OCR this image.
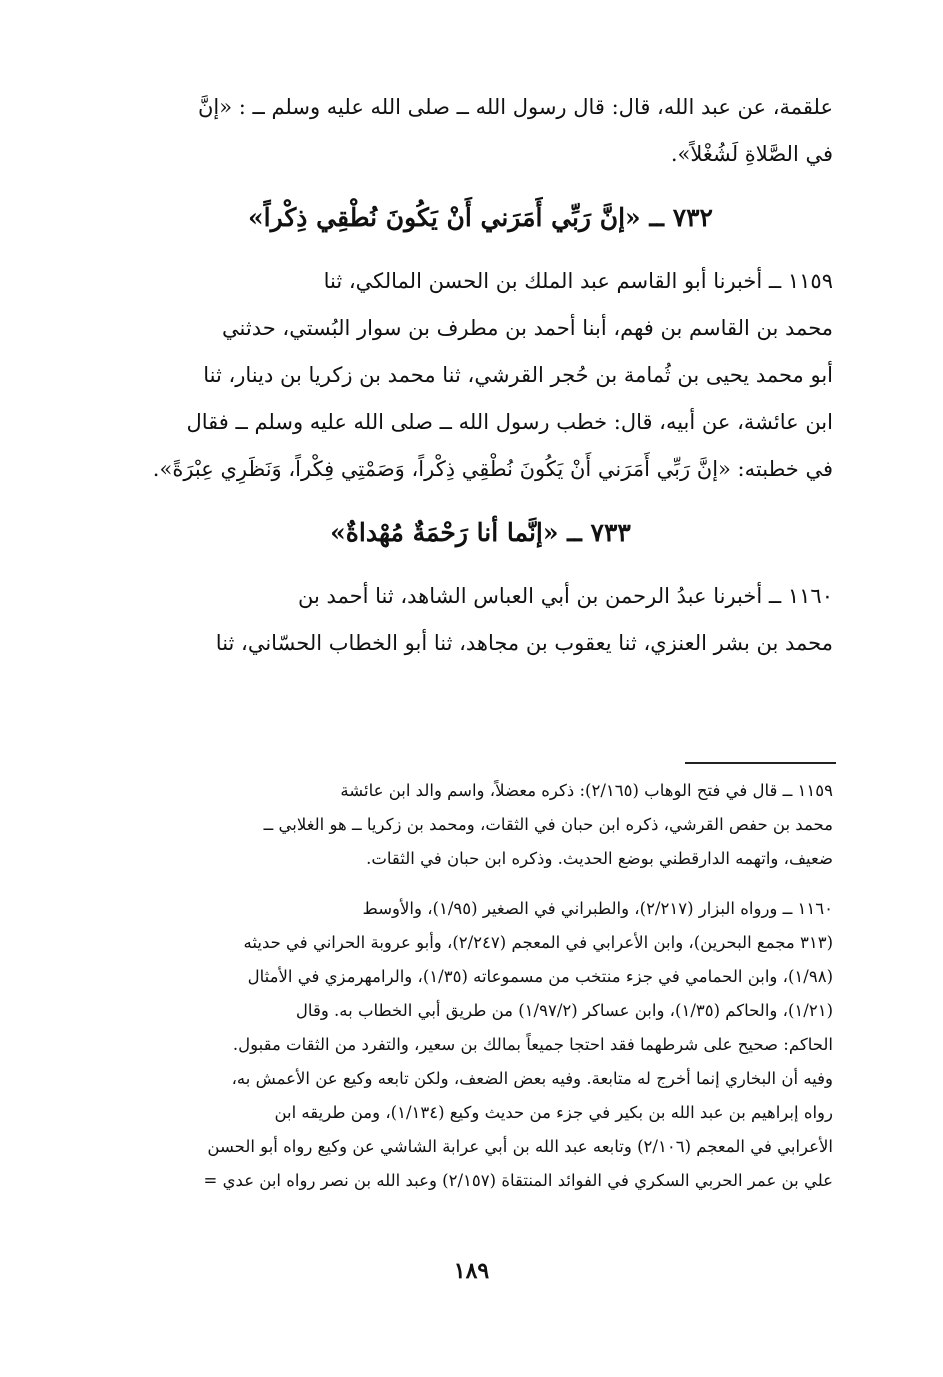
علقمة، عن عبد الله، قال: قال رسول الله ــ صلى الله عليه وسلم ــ : «إنَّ
في الصَّلاةِ لَشُغْلاً».
٧٣٢ ــ «إنَّ رَبِّي أَمَرَني أَنْ يَكُونَ نُطْقِي ذِكْراً»
١١٥٩ ــ أخبرنا أبو القاسم عبد الملك بن الحسن المالكي، ثنا
محمد بن القاسم بن فهم، أبنا أحمد بن مطرف بن سوار البُستي، حدثني
أبو محمد يحيى بن ثُمامة بن حُجر القرشي، ثنا محمد بن زكريا بن دينار، ثنا
ابن عائشة، عن أبيه، قال: خطب رسول الله ــ صلى الله عليه وسلم ــ فقال
في خطبته: «إنَّ رَبِّي أَمَرَني أَنْ يَكُونَ نُطْقِي ذِكْراً، وَصَمْتِي فِكْراً، وَنَظَرِي عِبْرَةً».
٧٣٣ ــ «إنَّما أنا رَحْمَةٌ مُهْداةٌ»
١١٦٠ ــ أخبرنا عبدُ الرحمن بن أبي العباس الشاهد، ثنا أحمد بن
محمد بن بشر العنزي، ثنا يعقوب بن مجاهد، ثنا أبو الخطاب الحسّاني، ثنا
١١٥٩ ــ قال في فتح الوهاب (٢/١٦٥): ذكره معضلاً، واسم والد ابن عائشة
محمد بن حفص القرشي، ذكره ابن حبان في الثقات، ومحمد بن زكريا ــ هو الغلابي ــ
ضعيف، واتهمه الدارقطني بوضع الحديث. وذكره ابن حبان في الثقات.
١١٦٠ ــ ورواه البزار (٢/٢١٧)، والطبراني في الصغير (١/٩٥)، والأوسط
(٣١٣ مجمع البحرين)، وابن الأعرابي في المعجم (٢/٢٤٧)، وأبو عروبة الحراني في حديثه
(١/٩٨)، وابن الحمامي في جزء منتخب من مسموعاته (١/٣٥)، والرامهرمزي في الأمثال
(١/٢١)، والحاكم (١/٣٥)، وابن عساكر (١/٩٧/٢) من طريق أبي الخطاب به. وقال
الحاكم: صحيح على شرطهما فقد احتجا جميعاً بمالك بن سعير، والتفرد من الثقات مقبول.
وفيه أن البخاري إنما أخرج له متابعة. وفيه بعض الضعف، ولكن تابعه وكيع عن الأعمش به،
رواه إبراهيم بن عبد الله بن بكير في جزء من حديث وكيع (١/١٣٤)، ومن طريقه ابن
الأعرابي في المعجم (٢/١٠٦) وتابعه عبد الله بن أبي عرابة الشاشي عن وكيع رواه أبو الحسن
علي بن عمر الحربي السكري في الفوائد المنتقاة (٢/١٥٧) وعبد الله بن نصر رواه ابن عدي =
١٨٩
